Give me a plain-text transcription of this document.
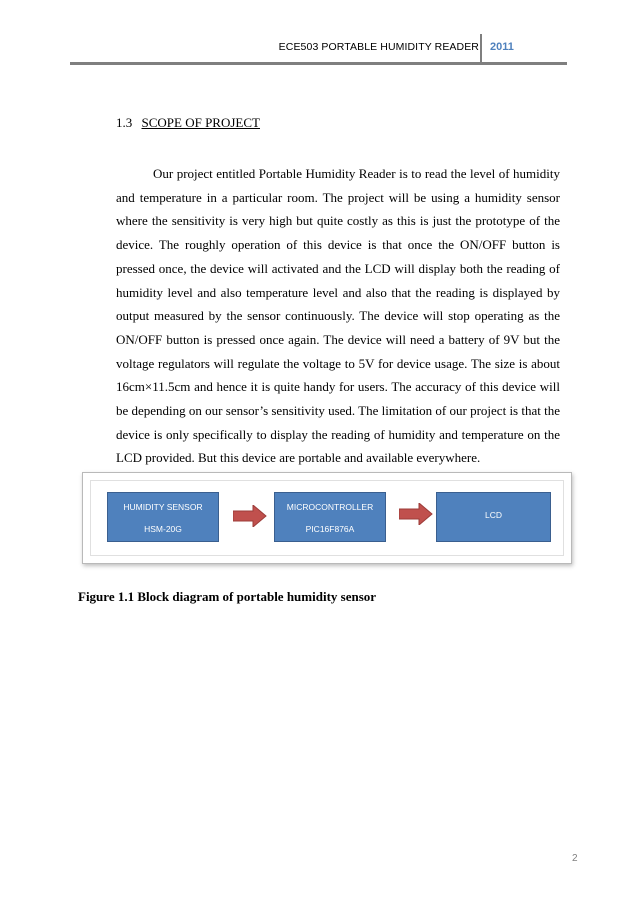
ECE503 PORTABLE HUMIDITY READER 2011
1.3 SCOPE OF PROJECT

Our project entitled Portable Humidity Reader is to read the level of humidity and temperature in a particular room. The project will be using a humidity sensor where the sensitivity is very high but quite costly as this is just the prototype of the device. The roughly operation of this device is that once the ON/OFF button is pressed once, the device will activated and the LCD will display both the reading of humidity level and also temperature level and also that the reading is displayed by output measured by the sensor continuously. The device will stop operating as the ON/OFF button is pressed once again. The device will need a battery of 9V but the voltage regulators will regulate the voltage to 5V for device usage. The size is about 16cm×11.5cm and hence it is quite handy for users. The accuracy of this device will be depending on our sensor’s sensitivity used. The limitation of our project is that the device is only specifically to display the reading of humidity and temperature on the LCD provided. But this device are portable and available everywhere.

HUMIDITY SENSOR
HSM-20G
MICROCONTROLLER
PIC16F876A
LCD
Figure 1.1 Block diagram of portable humidity sensor
2
